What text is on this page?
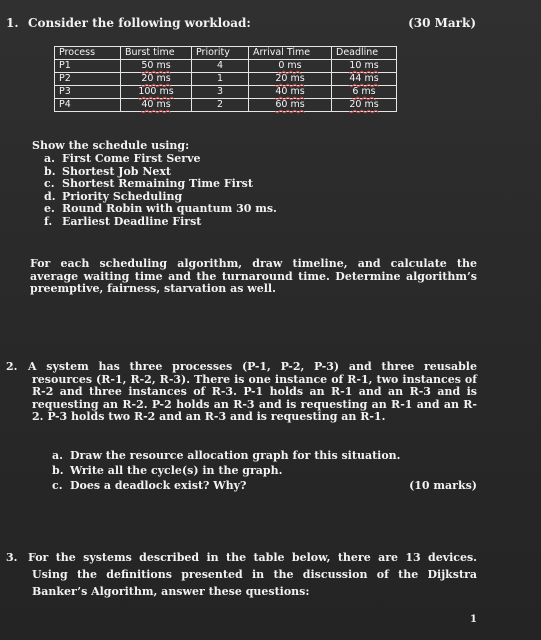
1. Consider the following workload:	(30 Mark)
Process	Burst time	Priority	Arrival Time	Deadline
P1	50 ms	4	0 ms	10 ms
P2	20 ms	1	20 ms	44 ms
P3	100 ms	3	40 ms	6 ms
P4	40 ms	2	60 ms	20 ms
Show the schedule using:
a. First Come First Serve
b. Shortest Job Next
c. Shortest Remaining Time First
d. Priority Scheduling
e. Round Robin with quantum 30 ms.
f. Earliest Deadline First
For each scheduling algorithm, draw timeline, and calculate the average waiting time and the turnaround time. Determine algorithm’s preemptive, fairness, starvation as well.
2. A system has three processes (P-1, P-2, P-3) and three reusable resources (R-1, R-2, R-3). There is one instance of R-1, two instances of R-2 and three instances of R-3. P-1 holds an R-1 and an R-3 and is requesting an R-2. P-2 holds an R-3 and is requesting an R-1 and an R-2. P-3 holds two R-2 and an R-3 and is requesting an R-1.
a. Draw the resource allocation graph for this situation.
b. Write all the cycle(s) in the graph.
c. Does a deadlock exist? Why?	(10 marks)
3. For the systems described in the table below, there are 13 devices. Using the definitions presented in the discussion of the Dijkstra Banker’s Algorithm, answer these questions:
1
